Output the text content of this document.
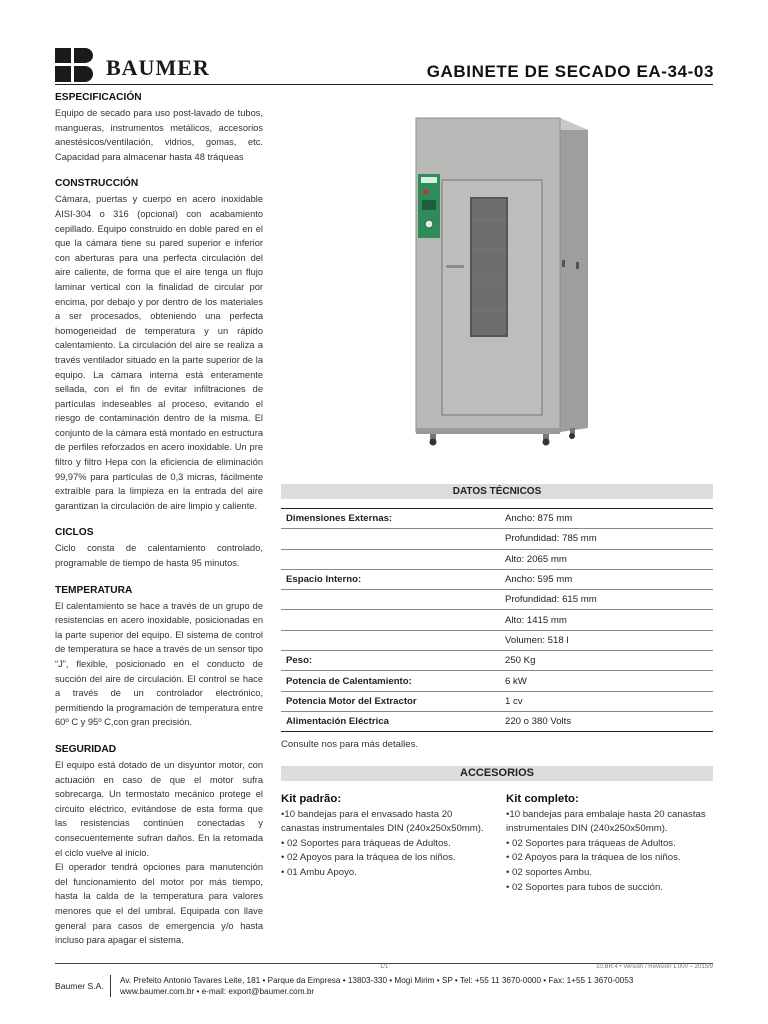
BAUMER	GABINETE DE SECADO EA-34-03
ESPECIFICACIÓN

Equipo de secado para uso post-lavado de tubos, mangueras, instrumentos metálicos, accesorios anestésicos/ventilación, vidrios, gomas, etc. Capacidad para almacenar hasta 48 tráqueas

CONSTRUCCIÓN

Cámara, puertas y cuerpo en acero inoxidable AISI-304 o 316 (opcional) con acabamiento cepillado. Equipo construido en doble pared en el que la cámara tiene su pared superior e inferior con aberturas para una perfecta circulación del aire caliente, de forma que el aire tenga un flujo laminar vertical con la finalidad de circular por encima, por debajo y por dentro de los materiales a ser procesados, obteniendo una perfecta homogeneidad de temperatura y un rápido calentamiento. La circulación del aire se realiza a través ventilador situado en la parte superior de la equipo. La cámara interna está enteramente sellada, con el fin de evitar infiltraciones de partículas indeseables al proceso, evitando el riesgo de contaminación dentro de la misma. El conjunto de la cámara está montado en estructura de perfiles reforzados en acero inoxidable. Un pre filtro y filtro Hepa con la eficiencia de eliminación 99,97% para partículas de 0,3 micras, fácilmente extraíble para la limpieza en la entrada del aire garantizan la circulación de aire limpio y caliente.

CICLOS

Ciclo consta de calentamiento controlado, programable de tiempo de hasta 95 minutos.

TEMPERATURA

El calentamiento se hace a través de un grupo de resistencias en acero inoxidable, posicionadas en la parte superior del equipo. El sistema de control de temperatura se hace a través de un sensor tipo “J”, flexible, posicionado en el conducto de succión del aire de circulación. El control se hace a través de un controlador electrónico, permitiendo la programación de temperatura entre 60º C y 95º C,con gran precisión.

SEGURIDAD

El equipo está dotado de un disyuntor motor, con actuación en caso de que el motor sufra sobrecarga. Un termostato mecánico protege el circuito eléctrico, evitándose de esta forma que las resistencias continúen conectadas y consecuentemente sufran daños. En la retomada el ciclo vuelve al inicio.

El operador tendrá opciones para manutención del funcionamiento del motor por más tiempo, hasta la calda de la temperatura para valores menores que el del umbral. Equipada con llave general para casos de emergencia y/o hasta incluso para apagar el sistema.

DATOS TÉCNICOS
Dimensiones Externas:	Ancho: 875 mm
	Profundidad: 785 mm
	Alto: 2065 mm
Espacio Interno:	Ancho: 595 mm
	Profundidad: 615 mm
	Alto: 1415 mm
	Volumen: 518 l
Peso:	250 Kg
Potencia de Calentamiento:	6 kW
Potencia Motor del Extractor	1 cv
Alimentación Eléctrica	220 o 380 Volts
Consulte nos para más detalles.
ACCESORIOS
Kit padrão:
•10 bandejas para el envasado hasta 20 canastas instrumentales DIN (240x250x50mm).
• 02 Soportes para tráqueas de Adultos.
• 02 Apoyos para la tráquea de los niños.
• 01 Ambu Apoyo.
Kit completo:
•10 bandejas para embalaje hasta 20 canastas instrumentales DIN (240x250x50mm).
• 02 Soportes para tráqueas de Adultos.
• 02 Apoyos para la tráquea de los niños.
• 02 soportes Ambu.
• 02 Soportes para tubos de succión.
1/1	10.BR.4 • Versión / Revisión 1.000 – 2015/9
Baumer S.A.
Av. Prefeito Antonio Tavares Leite, 181 • Parque da Empresa • 13803-330 • Mogi Mirim • SP • Tel: +55 11 3670-0000 • Fax: 1+55 1 3670-0053
www.baumer.com.br • e-mail: export@baumer.com.br
